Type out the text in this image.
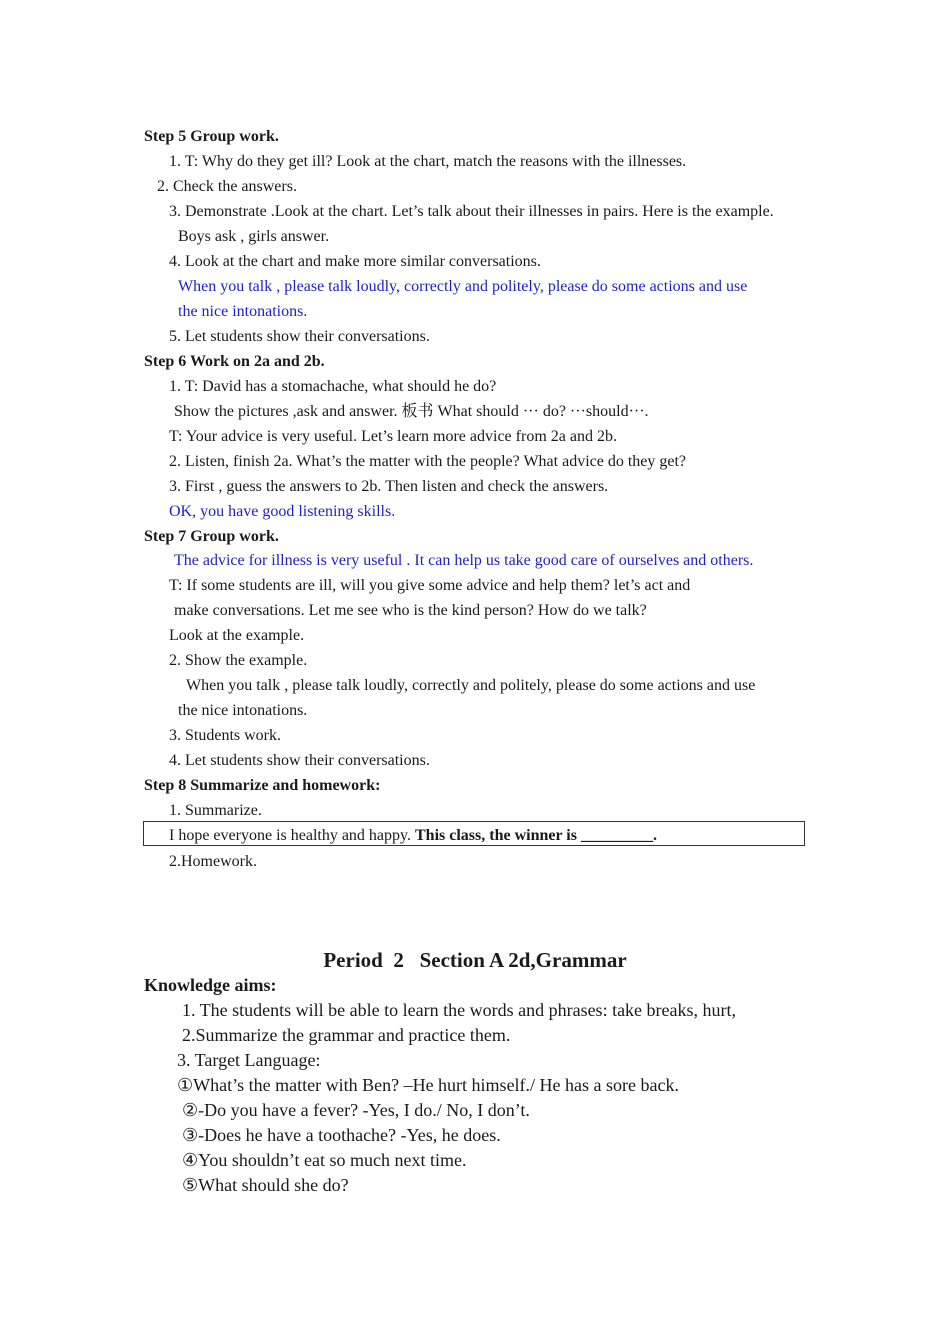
Step 5 Group work.
1. T: Why do they get ill? Look at the chart, match the reasons with the illnesses.
2. Check the answers.
3. Demonstrate .Look at the chart. Let’s talk about their illnesses in pairs. Here is the example.
Boys ask , girls answer.
4. Look at the chart and make more similar conversations.
When you talk , please talk loudly, correctly and politely, please do some actions and use
the nice intonations.
5. Let students show their conversations.
Step 6 Work on 2a and 2b.
1. T: David has a stomachache, what should he do?
Show the pictures ,ask and answer. 板书 What should ··· do? ···should···.
T: Your advice is very useful. Let’s learn more advice from 2a and 2b.
2. Listen, finish 2a. What’s the matter with the people? What advice do they get?
3. First , guess the answers to 2b. Then listen and check the answers.
OK, you have good listening skills.
Step 7 Group work.
The advice for illness is very useful . It can help us take good care of ourselves and others.
T: If some students are ill, will you give some advice and help them? let’s act and
make conversations. Let me see who is the kind person? How do we talk?
Look at the example.
2. Show the example.
When you talk , please talk loudly, correctly and politely, please do some actions and use
the nice intonations.
3. Students work.
4. Let students show their conversations.
Step 8 Summarize and homework:
1. Summarize.
I hope everyone is healthy and happy. This class, the winner is _________.
2.Homework.
Period  2   Section A 2d,Grammar
Knowledge aims:
1. The students will be able to learn the words and phrases: take breaks, hurt,
2.Summarize the grammar and practice them.
3. Target Language:
①What’s the matter with Ben? –He hurt himself./ He has a sore back.
②-Do you have a fever? -Yes, I do./ No, I don’t.
③-Does he have a toothache? -Yes, he does.
④You shouldn’t eat so much next time.
⑤What should she do?
